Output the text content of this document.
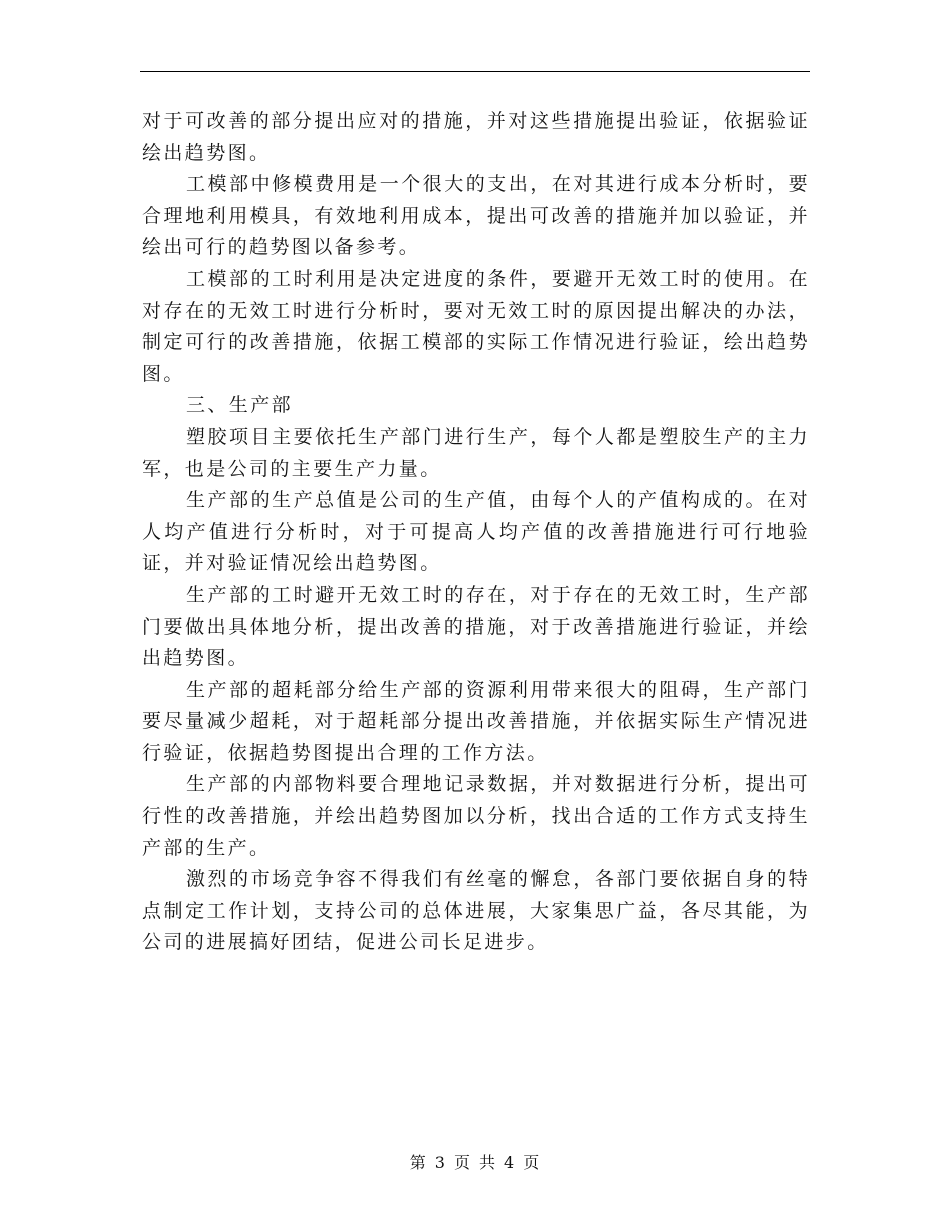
对于可改善的部分提出应对的措施，并对这些措施提出验证，依据验证绘出趋势图。

工模部中修模费用是一个很大的支出，在对其进行成本分析时，要合理地利用模具，有效地利用成本，提出可改善的措施并加以验证，并绘出可行的趋势图以备参考。

工模部的工时利用是决定进度的条件，要避开无效工时的使用。在对存在的无效工时进行分析时，要对无效工时的原因提出解决的办法，制定可行的改善措施，依据工模部的实际工作情况进行验证，绘出趋势图。

三、生产部

塑胶项目主要依托生产部门进行生产，每个人都是塑胶生产的主力军，也是公司的主要生产力量。

生产部的生产总值是公司的生产值，由每个人的产值构成的。在对人均产值进行分析时，对于可提高人均产值的改善措施进行可行地验证，并对验证情况绘出趋势图。

生产部的工时避开无效工时的存在，对于存在的无效工时，生产部门要做出具体地分析，提出改善的措施，对于改善措施进行验证，并绘出趋势图。

生产部的超耗部分给生产部的资源利用带来很大的阻碍，生产部门要尽量减少超耗，对于超耗部分提出改善措施，并依据实际生产情况进行验证，依据趋势图提出合理的工作方法。

生产部的内部物料要合理地记录数据，并对数据进行分析，提出可行性的改善措施，并绘出趋势图加以分析，找出合适的工作方式支持生产部的生产。

激烈的市场竞争容不得我们有丝毫的懈怠，各部门要依据自身的特点制定工作计划，支持公司的总体进展，大家集思广益，各尽其能，为公司的进展搞好团结，促进公司长足进步。

第 3 页 共 4 页
